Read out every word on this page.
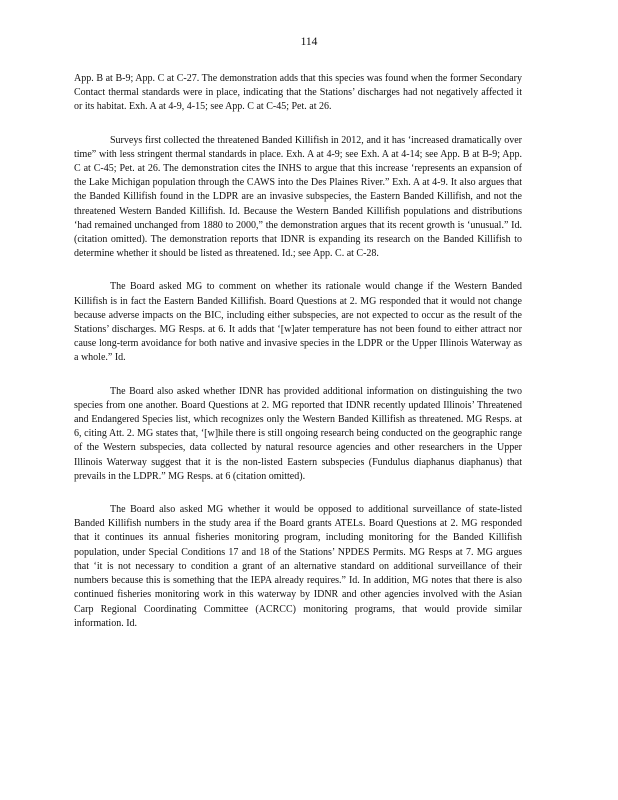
114

App. B at B-9; App. C at C-27. The demonstration adds that this species was found when the former Secondary Contact thermal standards were in place, indicating that the Stations’ discharges had not negatively affected it or its habitat. Exh. A at 4-9, 4-15; see App. C at C-45; Pet. at 26.

Surveys first collected the threatened Banded Killifish in 2012, and it has ‘increased dramatically over time” with less stringent thermal standards in place. Exh. A at 4-9; see Exh. A at 4-14; see App. B at B-9; App. C at C-45; Pet. at 26. The demonstration cites the INHS to argue that this increase ‘represents an expansion of the Lake Michigan population through the CAWS into the Des Plaines River.” Exh. A at 4-9. It also argues that the Banded Killifish found in the LDPR are an invasive subspecies, the Eastern Banded Killifish, and not the threatened Western Banded Killifish. Id. Because the Western Banded Killifish populations and distributions ‘had remained unchanged from 1880 to 2000,” the demonstration argues that its recent growth is ‘unusual.” Id. (citation omitted). The demonstration reports that IDNR is expanding its research on the Banded Killifish to determine whether it should be listed as threatened. Id.; see App. C. at C-28.

The Board asked MG to comment on whether its rationale would change if the Western Banded Killifish is in fact the Eastern Banded Killifish. Board Questions at 2. MG responded that it would not change because adverse impacts on the BIC, including either subspecies, are not expected to occur as the result of the Stations’ discharges. MG Resps. at 6. It adds that ‘[w]ater temperature has not been found to either attract nor cause long-term avoidance for both native and invasive species in the LDPR or the Upper Illinois Waterway as a whole.” Id.

The Board also asked whether IDNR has provided additional information on distinguishing the two species from one another. Board Questions at 2. MG reported that IDNR recently updated Illinois’ Threatened and Endangered Species list, which recognizes only the Western Banded Killifish as threatened. MG Resps. at 6, citing Att. 2. MG states that, ‘[w]hile there is still ongoing research being conducted on the geographic range of the Western subspecies, data collected by natural resource agencies and other researchers in the Upper Illinois Waterway suggest that it is the non-listed Eastern subspecies (Fundulus diaphanus diaphanus) that prevails in the LDPR.” MG Resps. at 6 (citation omitted).

The Board also asked MG whether it would be opposed to additional surveillance of state-listed Banded Killifish numbers in the study area if the Board grants ATELs. Board Questions at 2. MG responded that it continues its annual fisheries monitoring program, including monitoring for the Banded Killifish population, under Special Conditions 17 and 18 of the Stations’ NPDES Permits. MG Resps at 7. MG argues that ‘it is not necessary to condition a grant of an alternative standard on additional surveillance of their numbers because this is something that the IEPA already requires.” Id. In addition, MG notes that there is also continued fisheries monitoring work in this waterway by IDNR and other agencies involved with the Asian Carp Regional Coordinating Committee (ACRCC) monitoring programs, that would provide similar information. Id.
